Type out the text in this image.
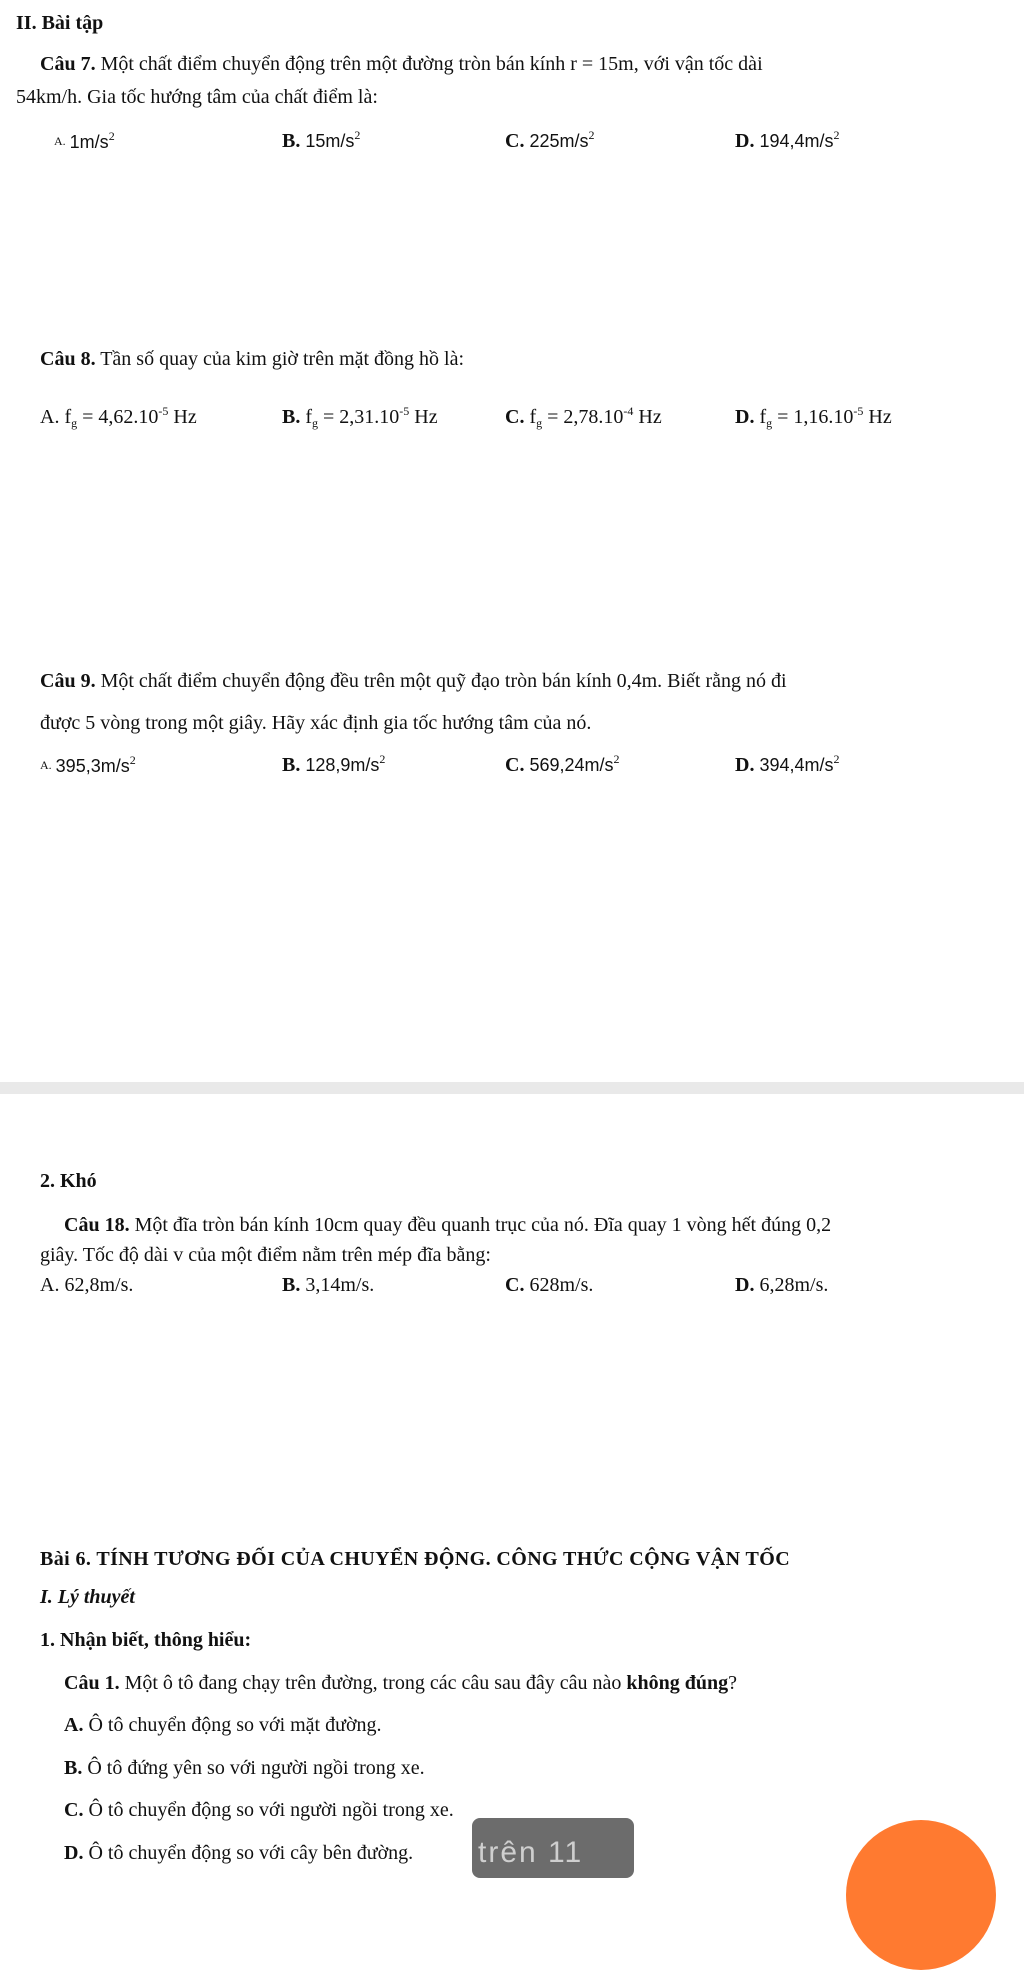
II. Bài tập
Câu 7. Một chất điểm chuyển động trên một đường tròn bán kính r = 15m, với vận tốc dài
54km/h. Gia tốc hướng tâm của chất điểm là:
A. $1m/s^2$	B. $15m/s^2$	C. $225m/s^2$	D. $194,4m/s^2$
Câu 8. Tần số quay của kim giờ trên mặt đồng hồ là:
A. $f_g = 4,62.10^{-5}$ Hz	B. $f_g = 2,31.10^{-5}$ Hz	C. $f_g = 2,78.10^{-4}$ Hz	D. $f_g = 1,16.10^{-5}$ Hz
Câu 9. Một chất điểm chuyển động đều trên một quỹ đạo tròn bán kính 0,4m. Biết rằng nó đi
được 5 vòng trong một giây. Hãy xác định gia tốc hướng tâm của nó.
A. $395,3m/s^2$	B. $128,9m/s^2$	C. $569,24m/s^2$	D. $394,4m/s^2$
2. Khó
Câu 18. Một đĩa tròn bán kính 10cm quay đều quanh trục của nó. Đĩa quay 1 vòng hết đúng 0,2
giây. Tốc độ dài v của một điểm nằm trên mép đĩa bằng:
A. 62,8m/s.	B. 3,14m/s.	C. 628m/s.	D. 6,28m/s.
Bài 6. TÍNH TƯƠNG ĐỐI CỦA CHUYỂN ĐỘNG. CÔNG THỨC CỘNG VẬN TỐC
I. Lý thuyết
1. Nhận biết, thông hiểu:
Câu 1. Một ô tô đang chạy trên đường, trong các câu sau đây câu nào không đúng?
A. Ô tô chuyển động so với mặt đường.
B. Ô tô đứng yên so với người ngồi trong xe.
C. Ô tô chuyển động so với người ngồi trong xe.
trên 11
D. Ô tô chuyển động so với cây bên đường.
